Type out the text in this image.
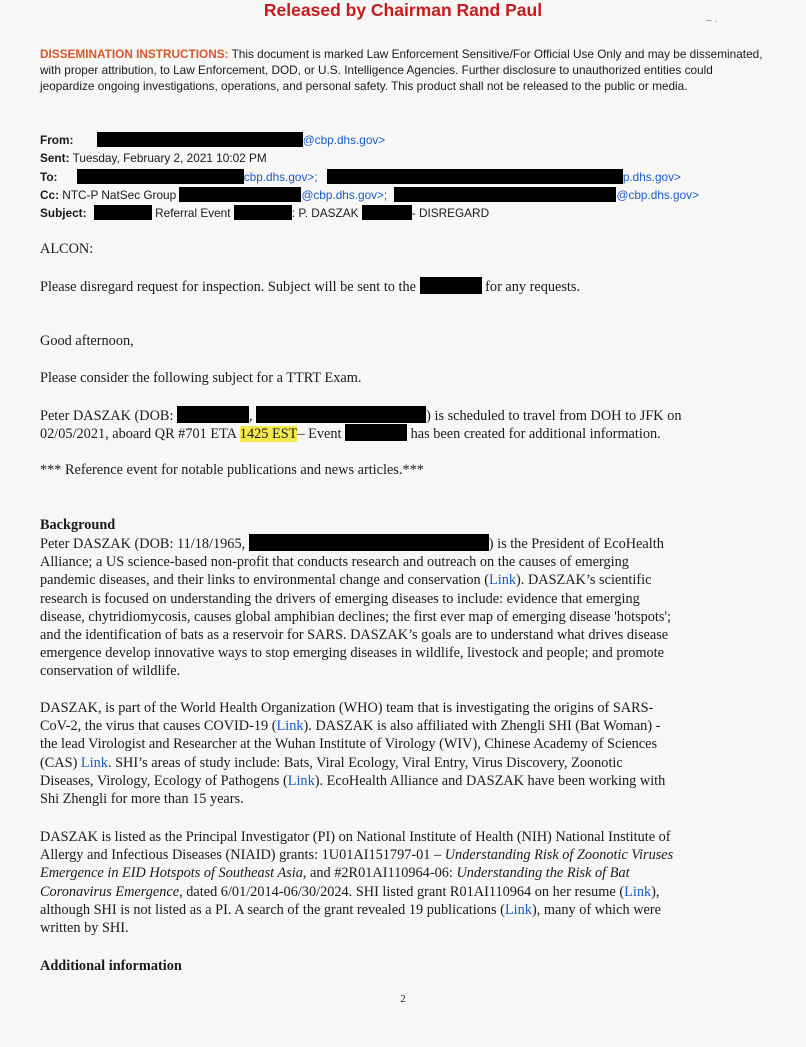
Released by Chairman Rand Paul
~ ·
DISSEMINATION INSTRUCTIONS: This document is marked Law Enforcement Sensitive/For Official Use Only and may be disseminated, with proper attribution, to Law Enforcement, DOD, or U.S. Intelligence Agencies. Further disclosure to unauthorized entities could jeopardize ongoing investigations, operations, and personal safety. This product shall not be released to the public or media.
From:	@cbp.dhs.gov>
Sent: Tuesday, February 2, 2021 10:02 PM
To:	cbp.dhs.gov>;	p.dhs.gov>
Cc: NTC-P NatSec Group	@cbp.dhs.gov>;	@cbp.dhs.gov>
Subject:	Referral Event	: P. DASZAK	- DISREGARD
ALCON:
Please disregard request for inspection. Subject will be sent to the	for any requests.
Good afternoon,
Please consider the following subject for a TTRT Exam.
Peter DASZAK (DOB:	,	) is scheduled to travel from DOH to JFK on
02/05/2021, aboard QR #701 ETA 1425 EST– Event	has been created for additional information.
*** Reference event for notable publications and news articles.***
Background
Peter DASZAK (DOB: 11/18/1965,	) is the President of EcoHealth
Alliance; a US science-based non-profit that conducts research and outreach on the causes of emerging
pandemic diseases, and their links to environmental change and conservation (Link). DASZAK’s scientific
research is focused on understanding the drivers of emerging diseases to include: evidence that emerging
disease, chytridiomycosis, causes global amphibian declines; the first ever map of emerging disease 'hotspots';
and the identification of bats as a reservoir for SARS. DASZAK’s goals are to understand what drives disease
emergence develop innovative ways to stop emerging diseases in wildlife, livestock and people; and promote
conservation of wildlife.
DASZAK, is part of the World Health Organization (WHO) team that is investigating the origins of SARS-
CoV-2, the virus that causes COVID-19 (Link). DASZAK is also affiliated with Zhengli SHI (Bat Woman) -
the lead Virologist and Researcher at the Wuhan Institute of Virology (WIV), Chinese Academy of Sciences
(CAS) Link. SHI’s areas of study include: Bats, Viral Ecology, Viral Entry, Virus Discovery, Zoonotic
Diseases, Virology, Ecology of Pathogens (Link). EcoHealth Alliance and DASZAK have been working with
Shi Zhengli for more than 15 years.
DASZAK is listed as the Principal Investigator (PI) on National Institute of Health (NIH) National Institute of
Allergy and Infectious Diseases (NIAID) grants: 1U01AI151797-01 – Understanding Risk of Zoonotic Viruses
Emergence in EID Hotspots of Southeast Asia, and #2R01AI110964-06: Understanding the Risk of Bat
Coronavirus Emergence, dated 6/01/2014-06/30/2024. SHI listed grant R01AI110964 on her resume (Link),
although SHI is not listed as a PI. A search of the grant revealed 19 publications (Link), many of which were
written by SHI.
Additional information
2
